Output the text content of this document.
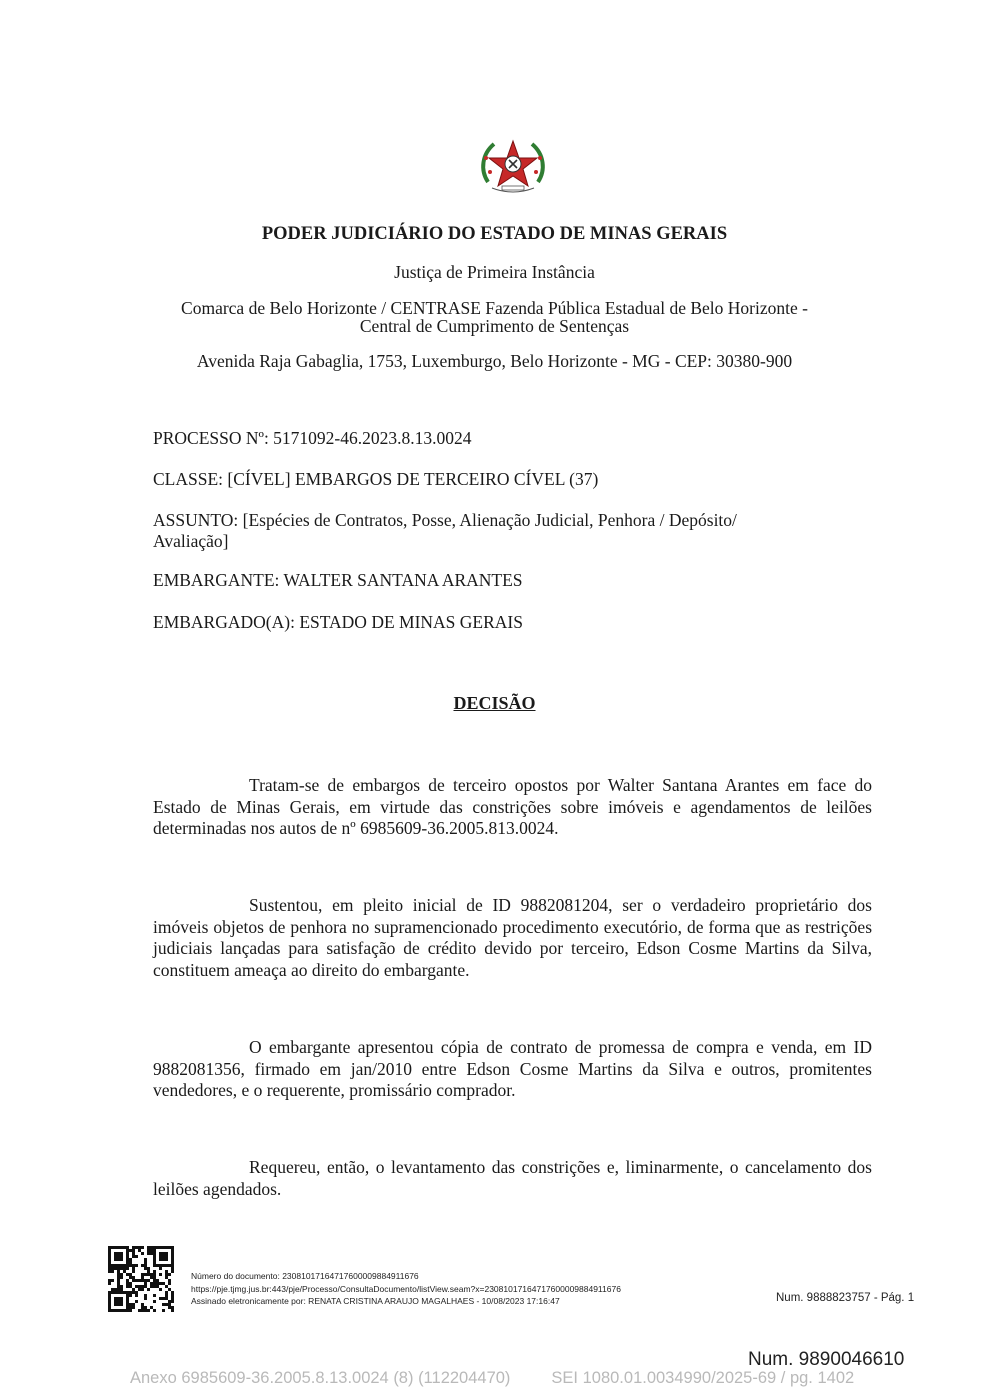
PODER JUDICIÁRIO DO ESTADO DE MINAS GERAIS
Justiça de Primeira Instância
Comarca de Belo Horizonte / CENTRASE Fazenda Pública Estadual de Belo Horizonte -
Central de Cumprimento de Sentenças
Avenida Raja Gabaglia, 1753, Luxemburgo, Belo Horizonte - MG - CEP: 30380-900
PROCESSO Nº: 5171092-46.2023.8.13.0024
CLASSE: [CÍVEL] EMBARGOS DE TERCEIRO CÍVEL (37)
ASSUNTO: [Espécies de Contratos, Posse, Alienação Judicial, Penhora / Depósito/
Avaliação]
EMBARGANTE: WALTER SANTANA ARANTES
EMBARGADO(A): ESTADO DE MINAS GERAIS
DECISÃO
Tratam-se de embargos de terceiro opostos por Walter Santana Arantes em face do Estado de Minas Gerais, em virtude das constrições sobre imóveis e agendamentos de leilões determinadas nos autos de nº 6985609-36.2005.813.0024.
Sustentou, em pleito inicial de ID 9882081204, ser o verdadeiro proprietário dos imóveis objetos de penhora no supramencionado procedimento executório, de forma que as restrições judiciais lançadas para satisfação de crédito devido por terceiro, Edson Cosme Martins da Silva, constituem ameaça ao direito do embargante.
O embargante apresentou cópia de contrato de promessa de compra e venda, em ID 9882081356, firmado em jan/2010 entre Edson Cosme Martins da Silva e outros, promitentes vendedores, e o requerente, promissário comprador.
Requereu, então, o levantamento das constrições e, liminarmente, o cancelamento dos leilões agendados.
Número do documento: 23081017164717600009884911676
https://pje.tjmg.jus.br:443/pje/Processo/ConsultaDocumento/listView.seam?x=23081017164717600009884911676
Assinado eletronicamente por: RENATA CRISTINA ARAUJO MAGALHAES - 10/08/2023 17:16:47	Num. 9888823757 - Pág. 1
Num. 9890046610
Anexo 6985609-36.2005.8.13.0024 (8) (112204470) SEI 1080.01.0034990/2025-69 / pg. 1402
